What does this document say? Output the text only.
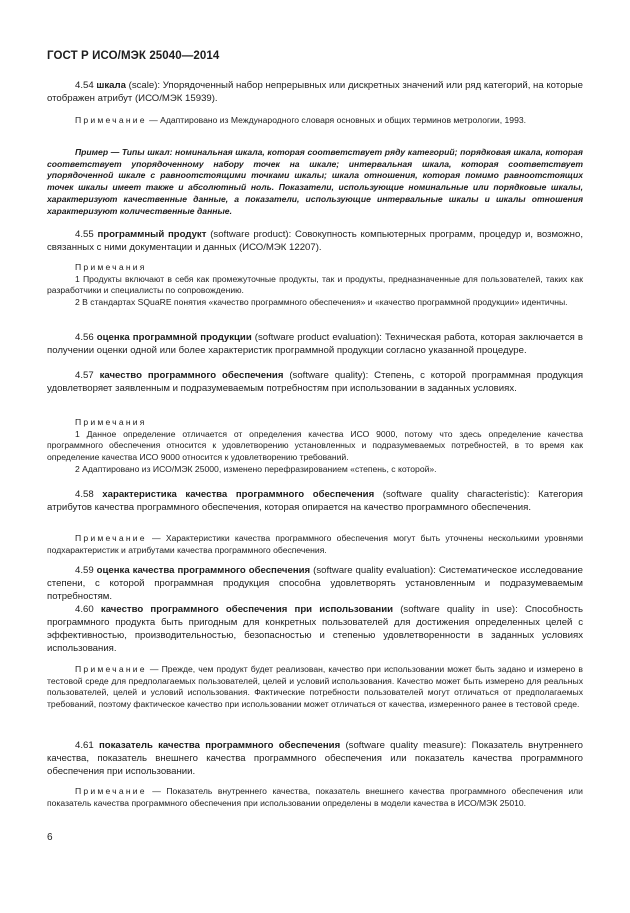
ГОСТ Р ИСО/МЭК 25040—2014
4.54 шкала (scale): Упорядоченный набор непрерывных или дискретных значений или ряд категорий, на которые отображен атрибут (ИСО/МЭК 15939).
Примечание — Адаптировано из Международного словаря основных и общих терминов метрологии, 1993.
Пример — Типы шкал: номинальная шкала, которая соответствует ряду категорий; порядковая шкала, которая соответствует упорядоченному набору точек на шкале; интервальная шкала, которая соответствует упорядоченной шкале с равноотстоящими точками шкалы; шкала отношения, которая помимо равноотстоящих точек шкалы имеет также и абсолютный ноль. Показатели, использующие номинальные или порядковые шкалы, характеризуют качественные данные, а показатели, использующие интервальные шкалы и шкалы отношения характеризуют количественные данные.
4.55 программный продукт (software product): Совокупность компьютерных программ, процедур и, возможно, связанных с ними документации и данных (ИСО/МЭК 12207).
Примечания
1 Продукты включают в себя как промежуточные продукты, так и продукты, предназначенные для пользователей, таких как разработчики и специалисты по сопровождению.
2 В стандартах SQuaRE понятия «качество программного обеспечения» и «качество программной продукции» идентичны.
4.56 оценка программной продукции (software product evaluation): Техническая работа, которая заключается в получении оценки одной или более характеристик программной продукции согласно указанной процедуре.
4.57 качество программного обеспечения (software quality): Степень, с которой программная продукция удовлетворяет заявленным и подразумеваемым потребностям при использовании в заданных условиях.
Примечания
1 Данное определение отличается от определения качества ИСО 9000, потому что здесь определение качества программного обеспечения относится к удовлетворению установленных и подразумеваемых потребностей, в то время как определение качества ИСО 9000 относится к удовлетворению требований.
2 Адаптировано из ИСО/МЭК 25000, изменено перефразированием «степень, с которой».
4.58 характеристика качества программного обеспечения (software quality characteristic): Категория атрибутов качества программного обеспечения, которая опирается на качество программного обеспечения.
Примечание — Характеристики качества программного обеспечения могут быть уточнены несколькими уровнями подхарактеристик и атрибутами качества программного обеспечения.
4.59 оценка качества программного обеспечения (software quality evaluation): Систематическое исследование степени, с которой программная продукция способна удовлетворять установленным и подразумеваемым потребностям.
4.60 качество программного обеспечения при использовании (software quality in use): Способность программного продукта быть пригодным для конкретных пользователей для достижения определенных целей с эффективностью, производительностью, безопасностью и степенью удовлетворенности в заданных условиях использования.
Примечание — Прежде, чем продукт будет реализован, качество при использовании может быть задано и измерено в тестовой среде для предполагаемых пользователей, целей и условий использования. Качество может быть измерено для реальных пользователей, целей и условий использования. Фактические потребности пользователей могут отличаться от предполагаемых требований, поэтому фактическое качество при использовании может отличаться от качества, измеренного ранее в тестовой среде.
4.61 показатель качества программного обеспечения (software quality measure): Показатель внутреннего качества, показатель внешнего качества программного обеспечения или показатель качества программного обеспечения при использовании.
Примечание — Показатель внутреннего качества, показатель внешнего качества программного обеспечения или показатель качества программного обеспечения при использовании определены в модели качества в ИСО/МЭК 25010.
6
